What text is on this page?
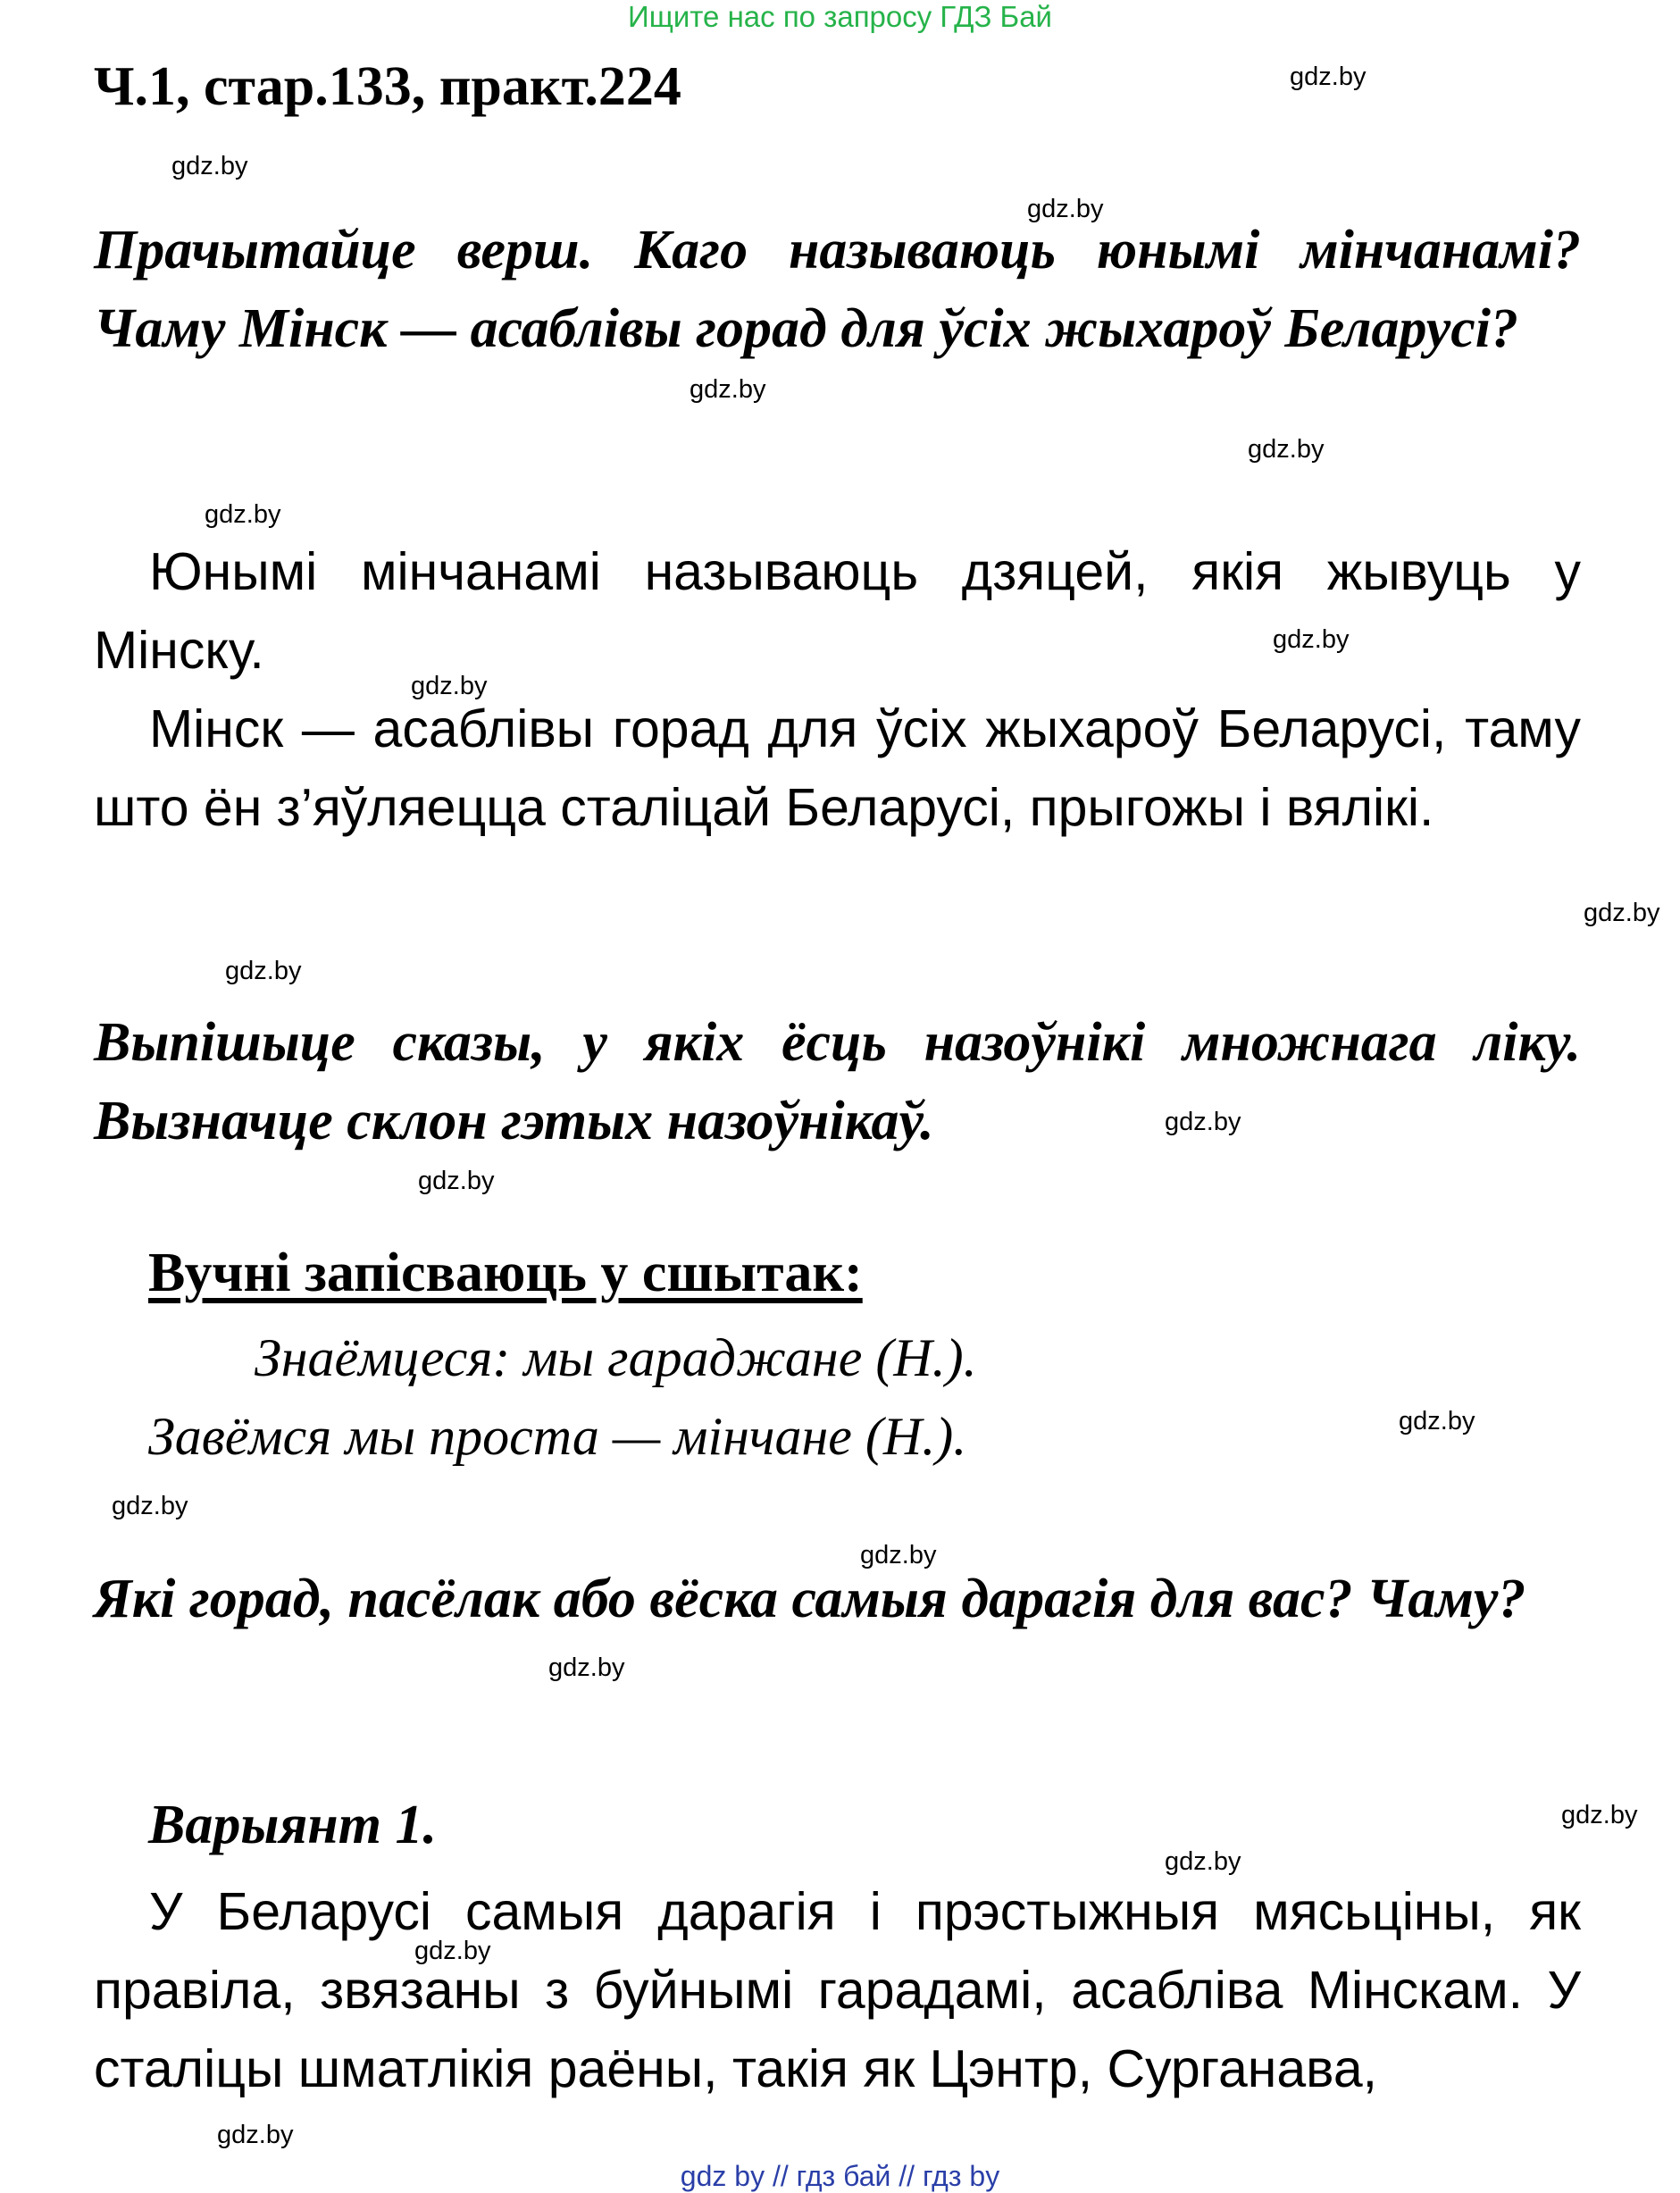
Ищите нас по запросу ГДЗ Бай
Ч.1, стар.133, практ.224

Прачытайце верш. Каго называюць юнымі мінчанамі? Чаму Мінск — асаблівы горад для ўсіх жыхароў Беларусі?

Юнымі мінчанамі называюць дзяцей, якія жывуць у Мінску.

Мінск — асаблівы горад для ўсіх жыхароў Беларусі, таму што ён з’яўляецца сталіцай Беларусі, прыгожы і вялікі.

Выпішыце сказы, у якіх ёсць назоўнікі множнага ліку. Вызначце склон гэтых назоўнікаў.

Вучні запісваюць у сшытак:
Знаёмцеся: мы гараджане (Н.).
Завёмся мы проста — мінчане (Н.).

Які горад, пасёлак або вёска самыя дарагія для вас? Чаму?

Варыянт 1.

У Беларусі самыя дарагія і прэстыжныя мясьціны, як правіла, звязаны з буйнымі гарадамі, асабліва Мінскам. У сталіцы шматлікія раёны, такія як Цэнтр, Сурганава,

gdz.by
gdz.by
gdz.by
gdz.by
gdz.by
gdz.by
gdz.by
gdz.by
gdz.by
gdz.by
gdz.by
gdz.by
gdz.by
gdz.by
gdz.by
gdz.by
gdz.by
gdz.by
gdz.by
gdz.by
gdz by // гдз бай // гдз by
